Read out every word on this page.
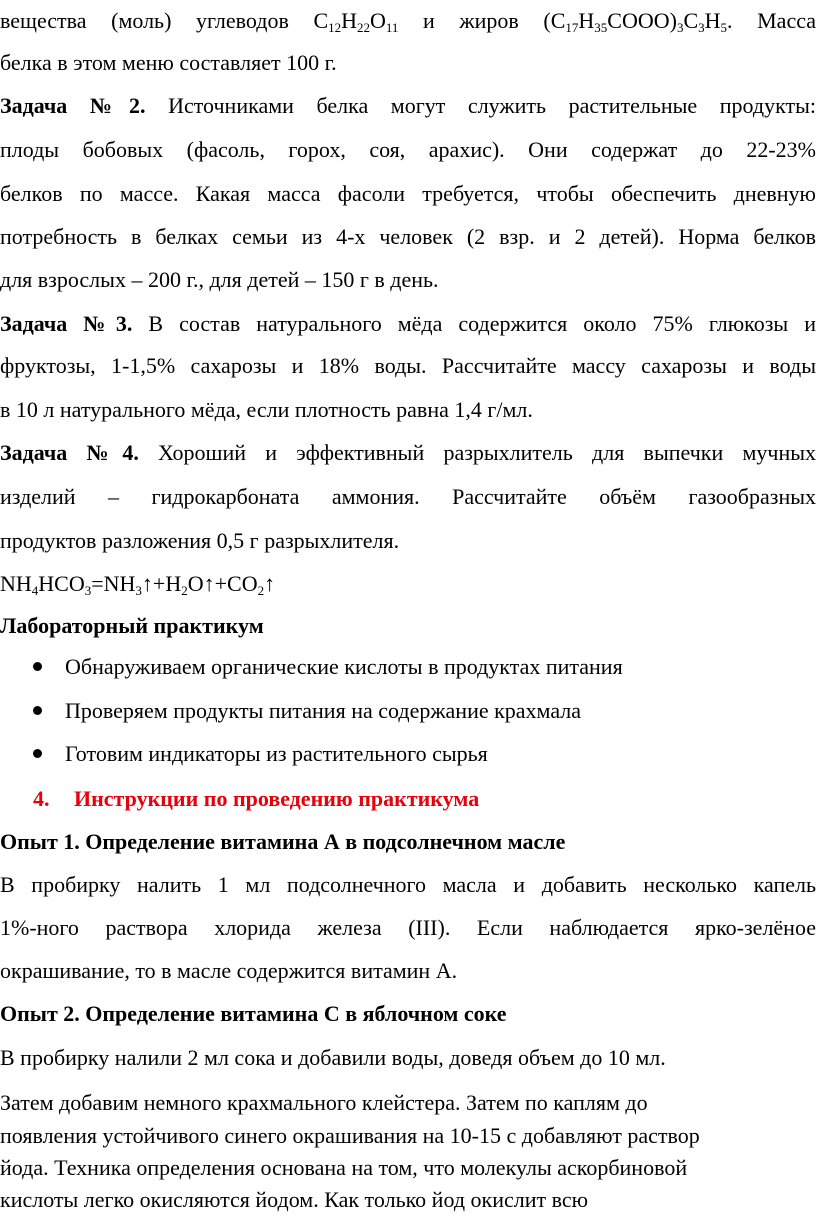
вещества (моль) углеводов $C_{12}H_{22}O_{11}$ и жиров $(C_{17}H_{35}COOO)_3C_3H_5$. Масса
белка в этом меню составляет 100 г.
Задача №2. Источниками белка могут служить растительные продукты:
плоды бобовых (фасоль, горох, соя, арахис). Они содержат до 22-23%
белков по массе. Какая масса фасоли требуется, чтобы обеспечить дневную
потребность в белках семьи из 4-х человек (2 взр. и 2 детей). Норма белков
для взрослых – 200 г., для детей – 150 г в день.
Задача №3. В состав натурального мёда содержится около 75% глюкозы и
фруктозы, 1-1,5% сахарозы и 18% воды. Рассчитайте массу сахарозы и воды
в 10 л натурального мёда, если плотность равна 1,4 г/мл.
Задача №4. Хороший и эффективный разрыхлитель для выпечки мучных
изделий – гидрокарбоната аммония. Рассчитайте объём газообразных
продуктов разложения 0,5 г разрыхлителя.
$NH_4HCO_3=NH_3↑+H_2O↑+CO_2↑$
Лабораторный практикум
Обнаруживаем органические кислоты в продуктах питания
Проверяем продукты питания на содержание крахмала
Готовим индикаторы из растительного сырья
4. Инструкции по проведению практикума
Опыт 1. Определение витамина А в подсолнечном масле
В пробирку налить 1 мл подсолнечного масла и добавить несколько капель
1%-ного раствора хлорида железа (III). Если наблюдается ярко-зелёное
окрашивание, то в масле содержится витамин А.
Опыт 2. Определение витамина С в яблочном соке
В пробирку налили 2 мл сока и добавили воды, доведя объем до 10 мл.
Затем добавим немного крахмального клейстера. Затем по каплям до
появления устойчивого синего окрашивания на 10-15 с добавляют раствор
йода. Техника определения основана на том, что молекулы аскорбиновой
кислоты легко окисляются йодом. Как только йод окислит всю
